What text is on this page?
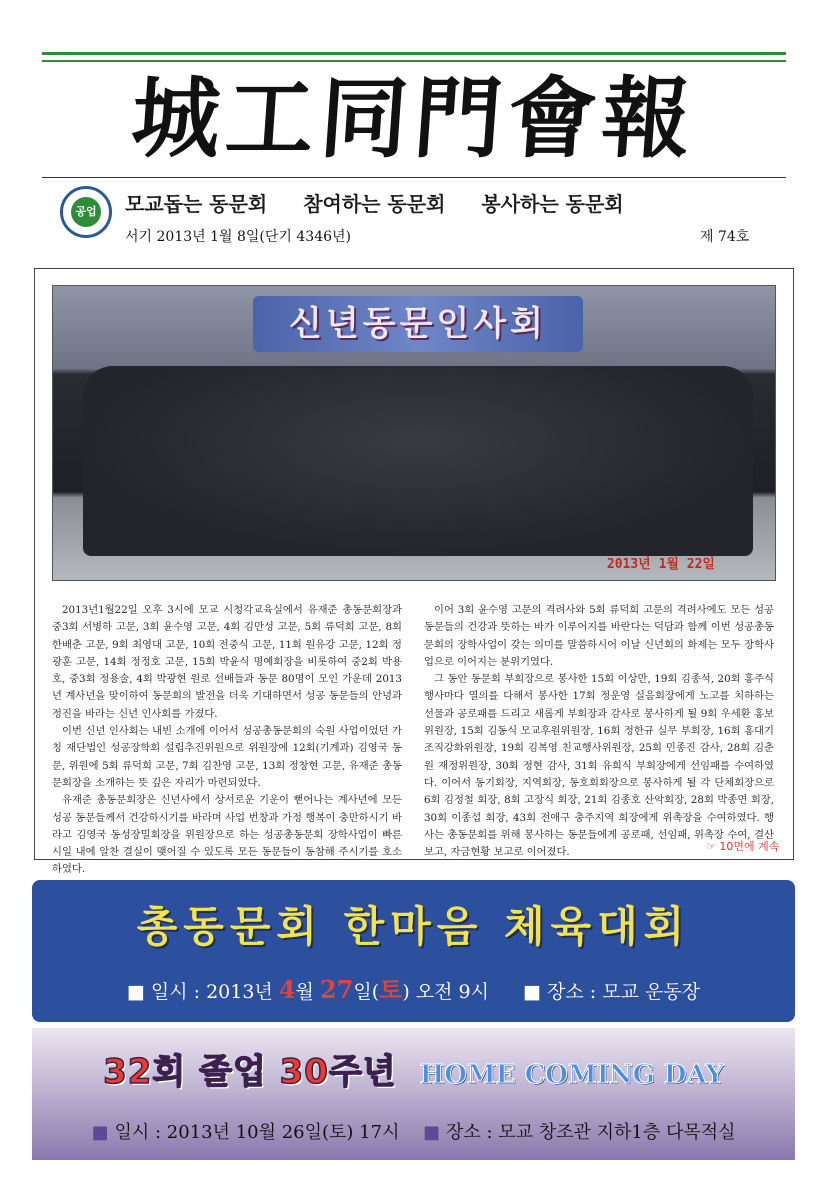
城工同門會報
공업 모교돕는 동문회 참여하는 동문회 봉사하는 동문회
서기 2013년 1월 8일(단기 4346년)	제 74호
신년동문인사회
2013년 1월 22일

2013년1월22일 오후 3시에 모교 시청각교육실에서 유재준 총동문회장과 중3회 서병하 고문, 3회 윤수영 고문, 4회 김만성 고문, 5회 류덕희 고문, 8회 한배춘 고문, 9회 최영대 고문, 10회 전중식 고문, 11회 원유강 고문, 12회 정광훈 고문, 14회 정정호 고문, 15회 박윤식 명예회장을 비롯하여 중2회 박용호, 중3회 정용술, 4회 박광현 원로 선배들과 동문 80명이 모인 가운데 2013년 계사년을 맞이하여 동문회의 발전을 더욱 기대하면서 성공 동문들의 안녕과 정진을 바라는 신년 인사회를 가졌다.

이번 신년 인사회는 내빈 소개에 이어서 성공총동문회의 숙원 사업이었던 가칭 재단법인 성공장학회 설립추진위원으로 위원장에 12회(기계과) 김영국 동문, 위원에 5회 류덕희 고문, 7회 김찬영 고문, 13회 정창현 고문, 유재준 총동문회장을 소개하는 뜻 깊은 자리가 마련되었다.

유재준 총동문회장은 신년사에서 상서로운 기운이 뻗어나는 계사년에 모든 성공 동문들께서 건강하시기를 바라며 사업 번창과 가정 행복이 충만하시기 바라고 김영국 동성장밀회장을 위원장으로 하는 성공총동문회 장학사업이 빠른 시일 내에 알찬 결실이 맺어질 수 있도록 모든 동문들이 동참해 주시기를 호소하였다.

이어 3회 윤수영 고문의 격려사와 5회 류덕희 고문의 격려사에도 모든 성공 동문들의 건강과 뜻하는 바가 이루어지를 바란다는 덕담과 함께 이번 성공총동문회의 장학사업이 갖는 의미를 말씀하시어 이날 신년회의 화제는 모두 장학사업으로 이어지는 분위기였다.

그 동안 동문회 부회장으로 봉사한 15회 이상만, 19회 김종석, 20회 홍주식 행사마다 열의를 다해서 봉사한 17회 정운영 실음회장에게 노고를 치하하는 선물과 공로패를 드리고 새롭게 부회장과 감사로 봉사하게 될 9회 우세환 홍보위원장, 15회 김동식 모교후원위원장, 16회 정한규 실무 부회장, 16회 홍대기 조직강화위원장, 19회 김복영 친교행사위원장, 25회 민종진 감사, 28회 김춘원 재정위원장, 30회 정현 감사, 31회 유희식 부회장에게 선임패를 수여하였다. 이어서 동기회장, 지역회장, 동호회회장으로 봉사하게 될 각 단체회장으로 6회 김정철 회장, 8회 고장식 회장, 21회 김종호 산악회장, 28회 박종면 회장, 30회 이종섭 회장, 43회 전애구 충주지역 회장에게 위촉장을 수여하였다. 행사는 총동문회를 위해 봉사하는 동문들에게 공로패, 선임패, 위촉장 수여, 결산보고, 자금현황 보고로 이어졌다.	☞ 10면에 계속
총동문회 한마음 체육대회
■ 일시 : 2013년 4월 27일(토) 오전 9시 ■ 장소 : 모교 운동장
32회 졸업 30주년 HOME COMING DAY
■ 일시 : 2013년 10월 26일(토) 17시 ■ 장소 : 모교 창조관 지하1층 다목적실
